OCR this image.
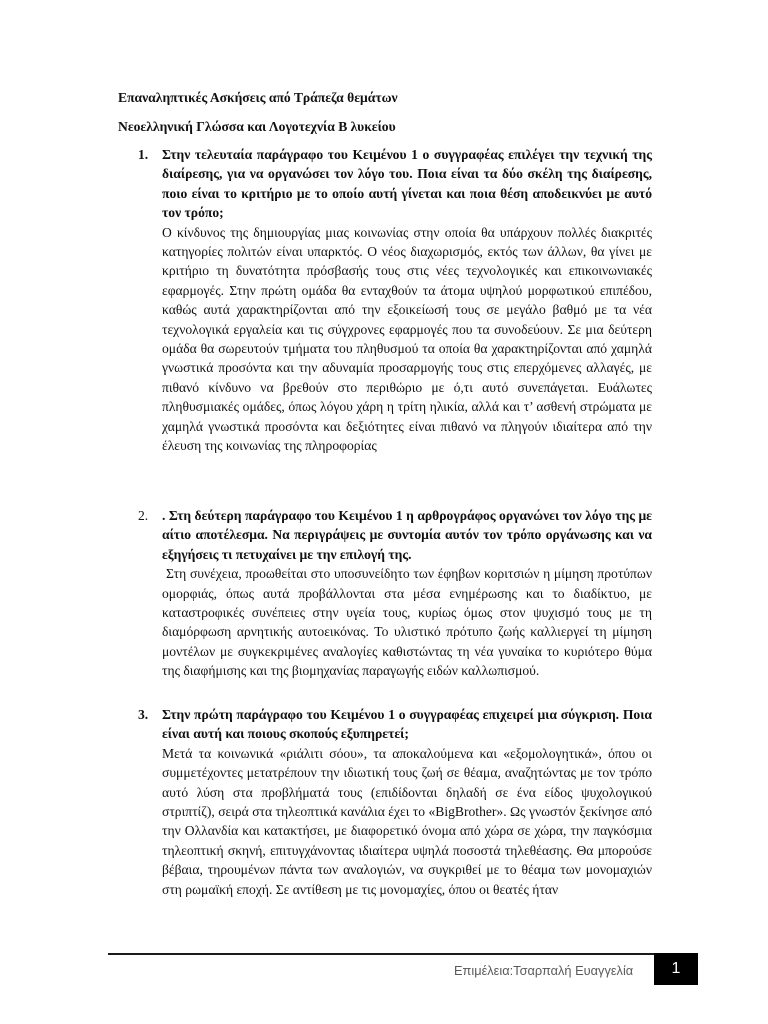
Επαναληπτικές Ασκήσεις από Τράπεζα θεμάτων
Νεοελληνική Γλώσσα και Λογοτεχνία Β λυκείου
1.	Στην τελευταία παράγραφο του Κειμένου 1 ο συγγραφέας επιλέγει την τεχνική της διαίρεσης, για να οργανώσει τον λόγο του. Ποια είναι τα δύο σκέλη της διαίρεσης, ποιο είναι το κριτήριο με το οποίο αυτή γίνεται και ποια θέση αποδεικνύει με αυτό τον τρόπο;
Ο κίνδυνος της δημιουργίας μιας κοινωνίας στην οποία θα υπάρχουν πολλές διακριτές κατηγορίες πολιτών είναι υπαρκτός. Ο νέος διαχωρισμός, εκτός των άλλων, θα γίνει με κριτήριο τη δυνατότητα πρόσβασής τους στις νέες τεχνολογικές και επικοινωνιακές εφαρμογές. Στην πρώτη ομάδα θα ενταχθούν τα άτομα υψηλού μορφωτικού επιπέδου, καθώς αυτά χαρακτηρίζονται από την εξοικείωσή τους σε μεγάλο βαθμό με τα νέα τεχνολογικά εργαλεία και τις σύγχρονες εφαρμογές που τα συνοδεύουν. Σε μια δεύτερη ομάδα θα σωρευτούν τμήματα του πληθυσμού τα οποία θα χαρακτηρίζονται από χαμηλά γνωστικά προσόντα και την αδυναμία προσαρμογής τους στις επερχόμενες αλλαγές, με πιθανό κίνδυνο να βρεθούν στο περιθώριο με ό,τι αυτό συνεπάγεται. Ευάλωτες πληθυσμιακές ομάδες, όπως λόγου χάρη η τρίτη ηλικία, αλλά και τ’ ασθενή στρώματα με χαμηλά γνωστικά προσόντα και δεξιότητες είναι πιθανό να πληγούν ιδιαίτερα από την έλευση της κοινωνίας της πληροφορίας
2.	. Στη δεύτερη παράγραφο του Κειμένου 1 η αρθρογράφος οργανώνει τον λόγο της με αίτιο αποτέλεσμα. Να περιγράψεις με συντομία αυτόν τον τρόπο οργάνωσης και να εξηγήσεις τι πετυχαίνει με την επιλογή της.
Στη συνέχεια, προωθείται στο υποσυνείδητο των έφηβων κοριτσιών η μίμηση προτύπων ομορφιάς, όπως αυτά προβάλλονται στα μέσα ενημέρωσης και το διαδίκτυο, με καταστροφικές συνέπειες στην υγεία τους, κυρίως όμως στον ψυχισμό τους με τη διαμόρφωση αρνητικής αυτοεικόνας. Το υλιστικό πρότυπο ζωής καλλιεργεί τη μίμηση μοντέλων με συγκεκριμένες αναλογίες καθιστώντας τη νέα γυναίκα το κυριότερο θύμα της διαφήμισης και της βιομηχανίας παραγωγής ειδών καλλωπισμού.
3.	Στην πρώτη παράγραφο του Κειμένου 1 ο συγγραφέας επιχειρεί μια σύγκριση. Ποια είναι αυτή και ποιους σκοπούς εξυπηρετεί;
Μετά τα κοινωνικά «ριάλιτι σόου», τα αποκαλούμενα και «εξομολογητικά», όπου οι συμμετέχοντες μετατρέπουν την ιδιωτική τους ζωή σε θέαμα, αναζητώντας με τον τρόπο αυτό λύση στα προβλήματά τους (επιδίδονται δηλαδή σε ένα είδος ψυχολογικού στριπτίζ), σειρά στα τηλεοπτικά κανάλια έχει το «BigBrother». Ως γνωστόν ξεκίνησε από την Ολλανδία και κατακτήσει, με διαφορετικό όνομα από χώρα σε χώρα, την παγκόσμια τηλεοπτική σκηνή, επιτυγχάνοντας ιδιαίτερα υψηλά ποσοστά τηλεθέασης. Θα μπορούσε βέβαια, τηρουμένων πάντα των αναλογιών, να συγκριθεί με το θέαμα των μονομαχιών στη ρωμαϊκή εποχή. Σε αντίθεση με τις μονομαχίες, όπου οι θεατές ήταν
Επιμέλεια:Τσαρπαλή Ευαγγελία 1
